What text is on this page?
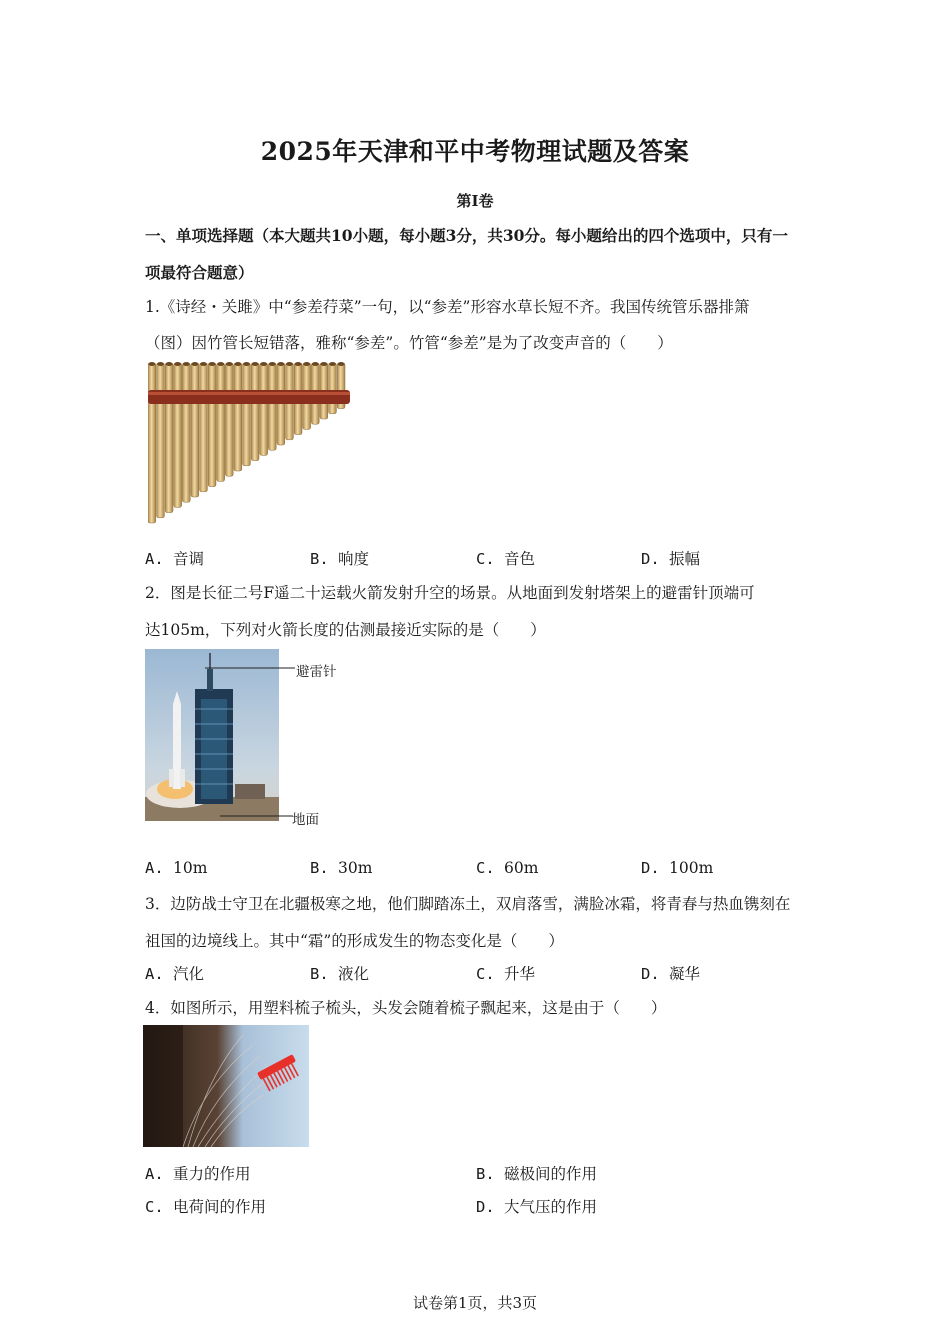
2025年天津和平中考物理试题及答案
第Ⅰ卷
一、单项选择题（本大题共10小题，每小题3分，共30分。每小题给出的四个选项中，只有一
项最符合题意）
1.《诗经・关雎》中“参差荇菜”一句，以“参差”形容水草长短不齐。我国传统管乐器排箫
（图）因竹管长短错落，雅称“参差”。竹管“参差”是为了改变声音的（　　）
A. 音调	B. 响度	C. 音色	D. 振幅
2．图是长征二号F遥二十运载火箭发射升空的场景。从地面到发射塔架上的避雷针顶端可
达105m，下列对火箭长度的估测最接近实际的是（　　）
避雷针
地面
A. 10m	B. 30m	C. 60m	D. 100m
3．边防战士守卫在北疆极寒之地，他们脚踏冻土，双肩落雪，满脸冰霜，将青春与热血镌刻在
祖国的边境线上。其中“霜”的形成发生的物态变化是（　　）
A. 汽化	B. 液化	C. 升华	D. 凝华
4．如图所示，用塑料梳子梳头，头发会随着梳子飘起来，这是由于（　　）
A. 重力的作用	B. 磁极间的作用
C. 电荷间的作用	D. 大气压的作用
试卷第1页，共3页
